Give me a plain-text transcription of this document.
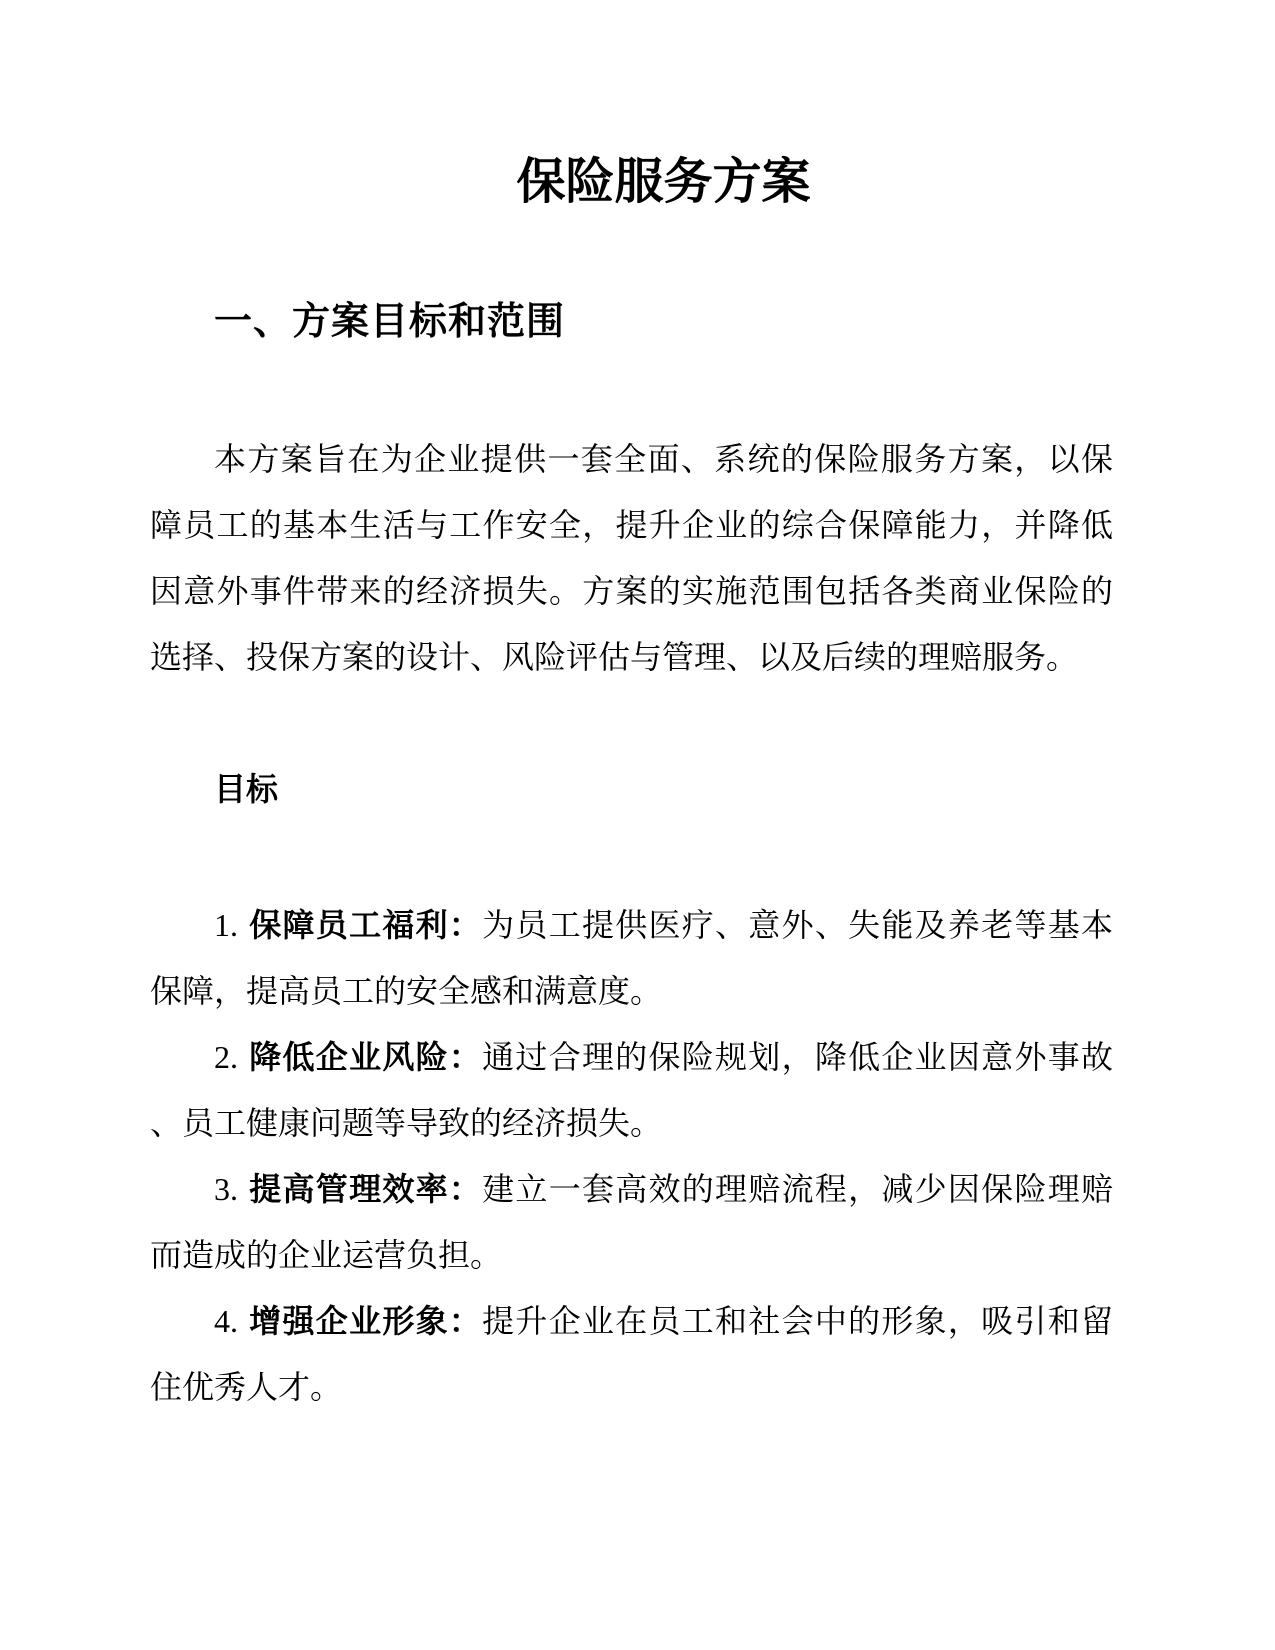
保险服务方案
一、方案目标和范围

本方案旨在为企业提供一套全面、系统的保险服务方案，以保

障员工的基本生活与工作安全，提升企业的综合保障能力，并降低

因意外事件带来的经济损失。方案的实施范围包括各类商业保险的

选择、投保方案的设计、风险评估与管理、以及后续的理赔服务。

目标

1. 保障员工福利：为员工提供医疗、意外、失能及养老等基本

保障，提高员工的安全感和满意度。

2. 降低企业风险：通过合理的保险规划，降低企业因意外事故

、员工健康问题等导致的经济损失。

3. 提高管理效率：建立一套高效的理赔流程，减少因保险理赔

而造成的企业运营负担。

4. 增强企业形象：提升企业在员工和社会中的形象，吸引和留

住优秀人才。
